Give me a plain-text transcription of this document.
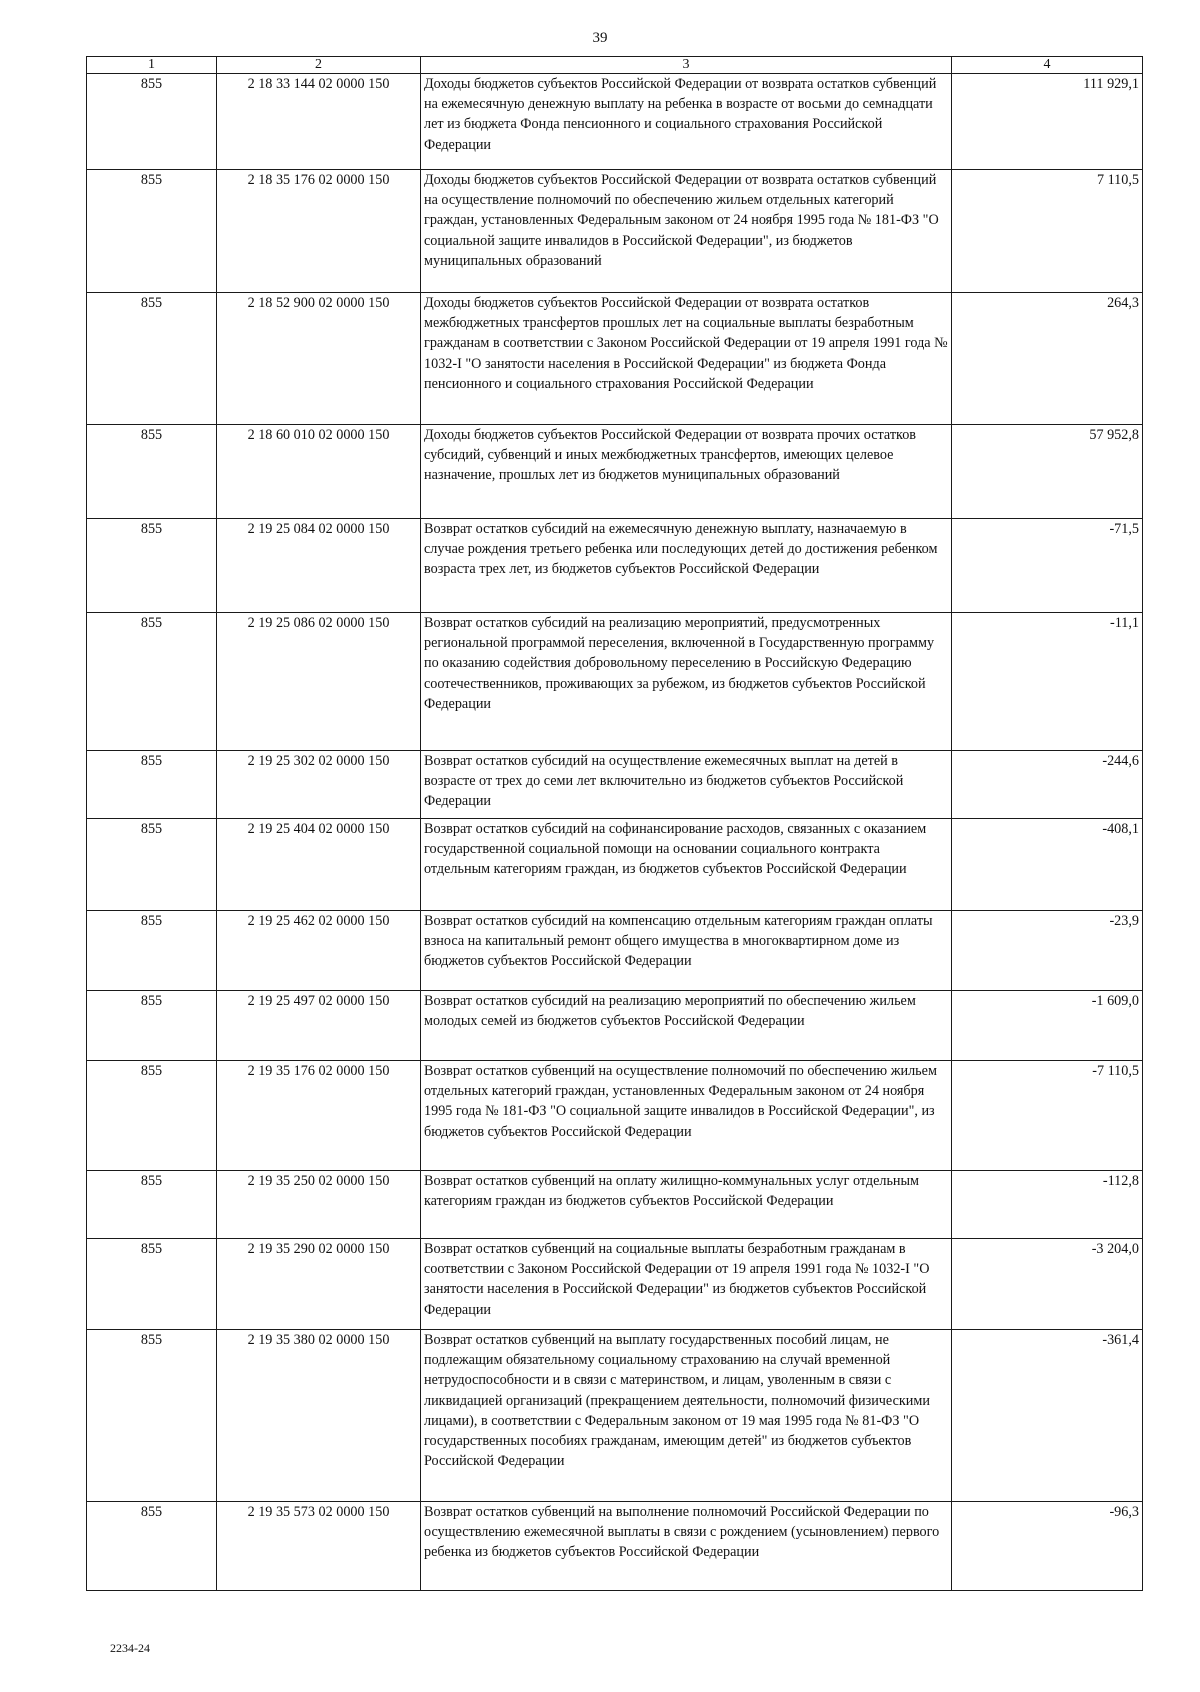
39
1	2	3	4
855	2 18 33 144 02 0000 150	Доходы бюджетов субъектов Российской Федерации от возврата остатков субвенций на ежемесячную денежную выплату на ребенка в возрасте от восьми до семнадцати лет из бюджета Фонда пенсионного и социального страхования Российской Федерации	111 929,1
855	2 18 35 176 02 0000 150	Доходы бюджетов субъектов Российской Федерации от возврата остатков субвенций на осуществление полномочий по обеспечению жильем отдельных категорий граждан, установленных Федеральным законом от 24 ноября 1995 года № 181-ФЗ "О социальной защите инвалидов в Российской Федерации", из бюджетов муниципальных образований	7 110,5
855	2 18 52 900 02 0000 150	Доходы бюджетов субъектов Российской Федерации от возврата остатков межбюджетных трансфертов прошлых лет на социальные выплаты безработным гражданам в соответствии с Законом Российской Федерации от 19 апреля 1991 года № 1032-I "О занятости населения в Российской Федерации" из бюджета Фонда пенсионного и социального страхования Российской Федерации	264,3
855	2 18 60 010 02 0000 150	Доходы бюджетов субъектов Российской Федерации от возврата прочих остатков субсидий, субвенций и иных межбюджетных трансфертов, имеющих целевое назначение, прошлых лет из бюджетов муниципальных образований	57 952,8
855	2 19 25 084 02 0000 150	Возврат остатков субсидий на ежемесячную денежную выплату, назначаемую в случае рождения третьего ребенка или последующих детей до достижения ребенком возраста трех лет, из бюджетов субъектов Российской Федерации	-71,5
855	2 19 25 086 02 0000 150	Возврат остатков субсидий на реализацию мероприятий, предусмотренных региональной программой переселения, включенной в Государственную программу по оказанию содействия добровольному переселению в Российскую Федерацию соотечественников, проживающих за рубежом, из бюджетов субъектов Российской Федерации	-11,1
855	2 19 25 302 02 0000 150	Возврат остатков субсидий на осуществление ежемесячных выплат на детей в возрасте от трех до семи лет включительно из бюджетов субъектов Российской Федерации	-244,6
855	2 19 25 404 02 0000 150	Возврат остатков субсидий на софинансирование расходов, связанных с оказанием государственной социальной помощи на основании социального контракта отдельным категориям граждан, из бюджетов субъектов Российской Федерации	-408,1
855	2 19 25 462 02 0000 150	Возврат остатков субсидий на компенсацию отдельным категориям граждан оплаты взноса на капитальный ремонт общего имущества в многоквартирном доме из бюджетов субъектов Российской Федерации	-23,9
855	2 19 25 497 02 0000 150	Возврат остатков субсидий на реализацию мероприятий по обеспечению жильем молодых семей из бюджетов субъектов Российской Федерации	-1 609,0
855	2 19 35 176 02 0000 150	Возврат остатков субвенций на осуществление полномочий по обеспечению жильем отдельных категорий граждан, установленных Федеральным законом от 24 ноября 1995 года № 181-ФЗ "О социальной защите инвалидов в Российской Федерации", из бюджетов субъектов Российской Федерации	-7 110,5
855	2 19 35 250 02 0000 150	Возврат остатков субвенций на оплату жилищно-коммунальных услуг отдельным категориям граждан из бюджетов субъектов Российской Федерации	-112,8
855	2 19 35 290 02 0000 150	Возврат остатков субвенций на социальные выплаты безработным гражданам в соответствии с Законом Российской Федерации от 19 апреля 1991 года № 1032-I "О занятости населения в Российской Федерации" из бюджетов субъектов Российской Федерации	-3 204,0
855	2 19 35 380 02 0000 150	Возврат остатков субвенций на выплату государственных пособий лицам, не подлежащим обязательному социальному страхованию на случай временной нетрудоспособности и в связи с материнством, и лицам, уволенным в связи с ликвидацией организаций (прекращением деятельности, полномочий физическими лицами), в соответствии с Федеральным законом от 19 мая 1995 года № 81-ФЗ "О государственных пособиях гражданам, имеющим детей" из бюджетов субъектов Российской Федерации	-361,4
855	2 19 35 573 02 0000 150	Возврат остатков субвенций на выполнение полномочий Российской Федерации по осуществлению ежемесячной выплаты в связи с рождением (усыновлением) первого ребенка из бюджетов субъектов Российской Федерации	-96,3
2234-24
